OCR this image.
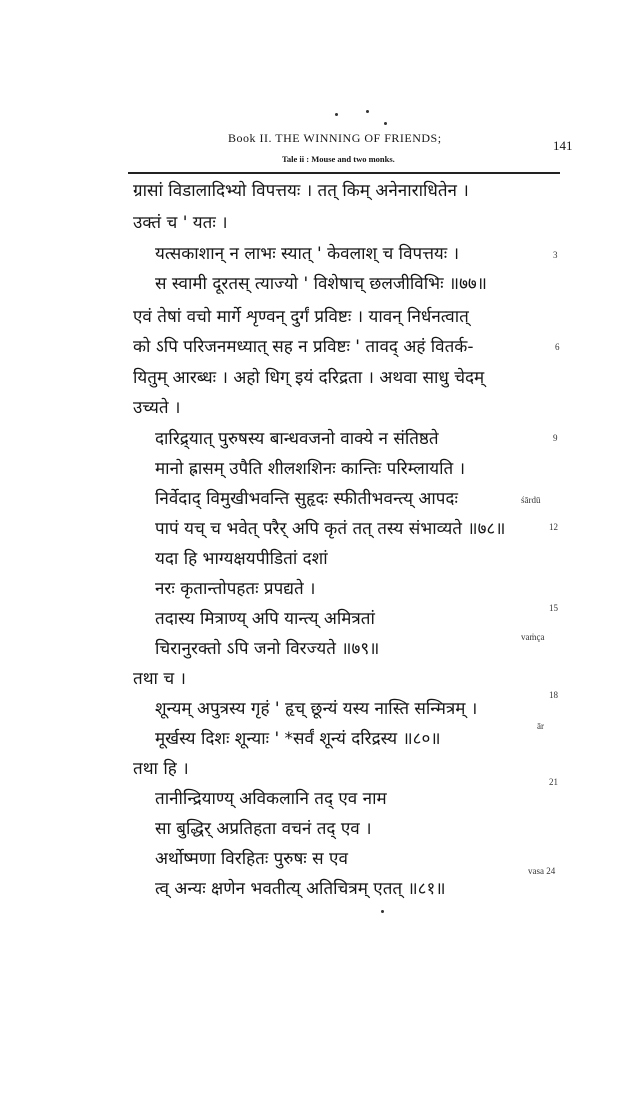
Book II. THE WINNING OF FRIENDS;	141
Tale ii : Mouse and two monks.
ग्रासां विडालादिभ्यो विपत्तयः । तत् किम् अनेनाराधितेन ।
उक्तं च ' यतः ।
यत्सकाशान् न लाभः स्यात् ' केवलाश् च विपत्तयः ।	3
स स्वामी दूरतस् त्याज्यो ' विशेषाच् छलजीविभिः ॥७७॥
एवं तेषां वचो मार्गे शृण्वन् दुर्गं प्रविष्टः । यावन् निर्धनत्वात्
को ऽपि परिजनमध्यात् सह न प्रविष्टः ' तावद् अहं वितर्क-	6
यितुम् आरब्धः । अहो धिग् इयं दरिद्रता । अथवा साधु चेदम्
उच्यते ।
दारिद्र्यात् पुरुषस्य बान्धवजनो वाक्ये न संतिष्ठते	9
मानो ह्रासम् उपैति शीलशशिनः कान्तिः परिम्लायति ।
निर्वेदाद् विमुखीभवन्ति सुहृदः स्फीतीभवन्त्य् आपदः	śārdū
पापं यच् च भवेत् परैर् अपि कृतं तत् तस्य संभाव्यते ॥७८॥	12
यदा हि भाग्यक्षयपीडितां दशां
नरः कृतान्तोपहतः प्रपद्यते ।
तदास्य मित्राण्य् अपि यान्त्य् अमित्रतां
15
चिरानुरक्तो ऽपि जनो विरज्यते ॥७९॥
vaṁça
तथा च ।
शून्यम् अपुत्रस्य गृहं ' हृच् छून्यं यस्य नास्ति सन्मित्रम् ।
18
मूर्खस्य दिशः शून्याः ' *सर्वं शून्यं दरिद्रस्य ॥८०॥
ār
तथा हि ।
तानीन्द्रियाण्य् अविकलानि तद् एव नाम
21
सा बुद्धिर् अप्रतिहता वचनं तद् एव ।
अर्थोष्मणा विरहितः पुरुषः स एव
त्व् अन्यः क्षणेन भवतीत्य् अतिचित्रम् एतत् ॥८१॥
vasa 24
